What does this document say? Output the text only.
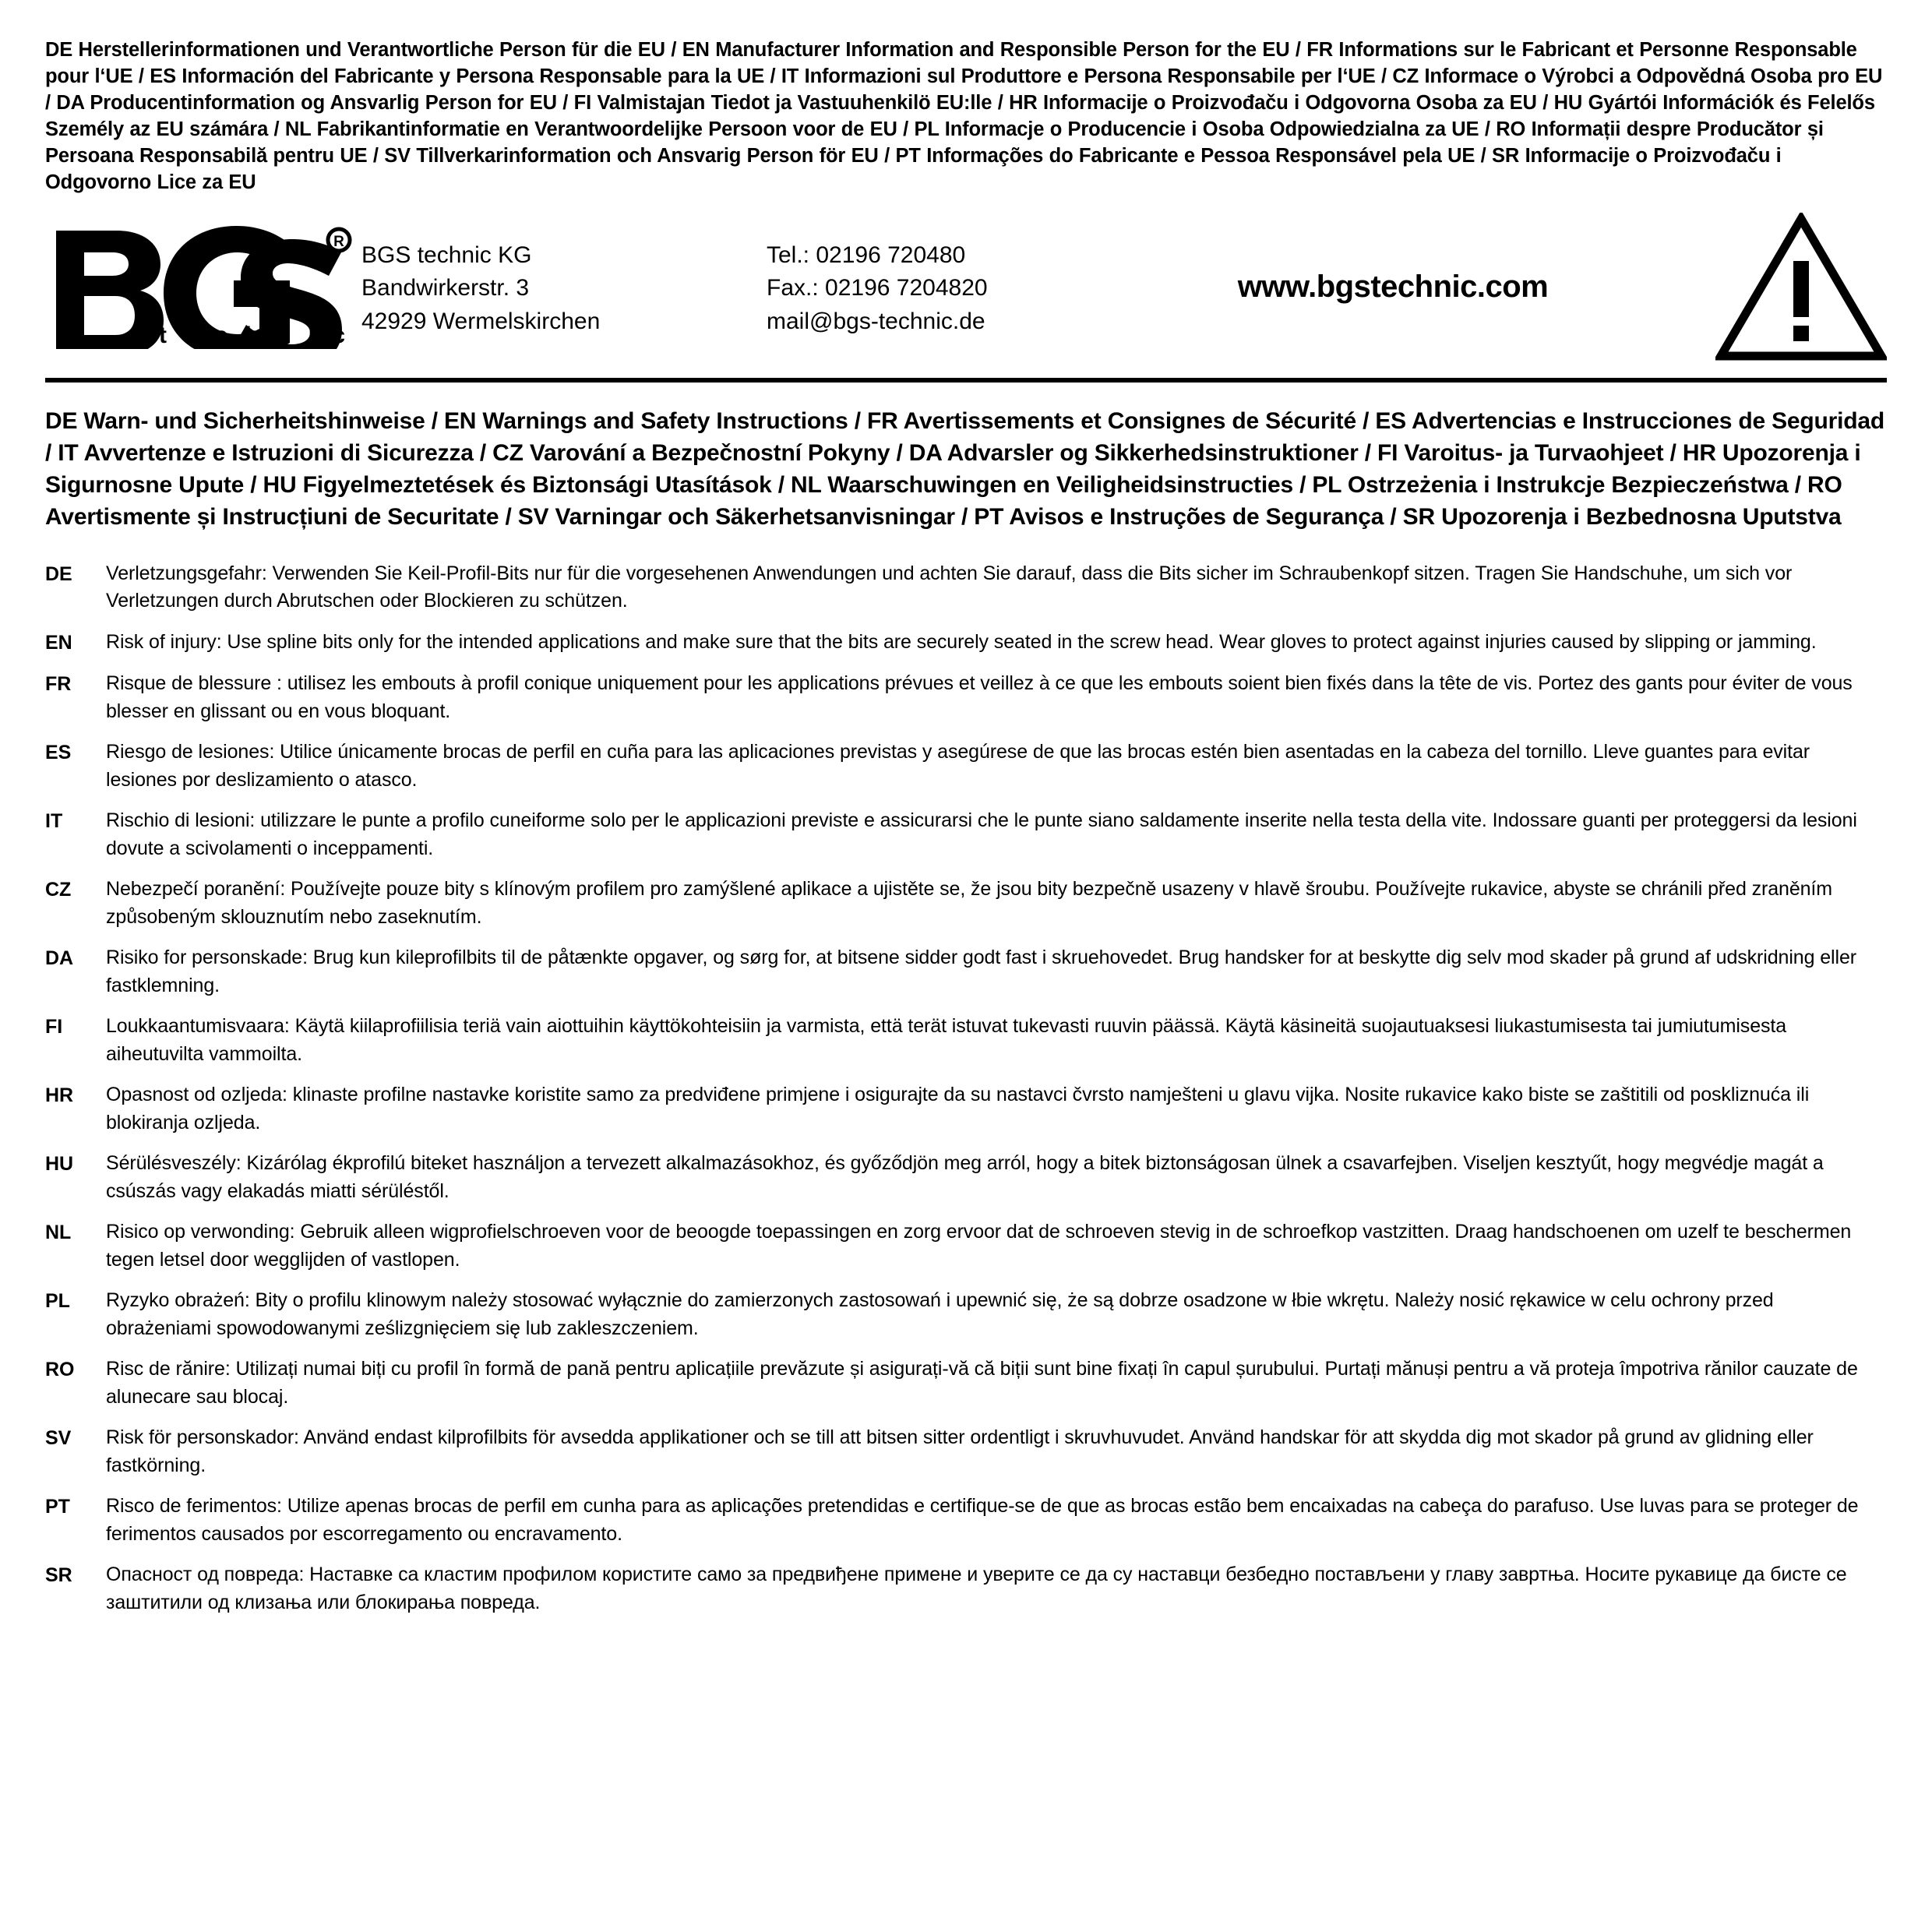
DE Herstellerinformationen und Verantwortliche Person für die EU / EN Manufacturer Information and Responsible Person for the EU / FR Informations sur le Fabricant et Personne Responsable pour l‘UE / ES Información del Fabricante y Persona Responsable para la UE / IT Informazioni sul Produttore e Persona Responsabile per l‘UE / CZ Informace o Výrobci a Odpovědná Osoba pro EU / DA Producentinformation og Ansvarlig Person for EU / FI Valmistajan Tiedot ja Vastuuhenkilö EU:lle / HR Informacije o Proizvođaču i Odgovorna Osoba za EU / HU Gyártói Információk és Felelős Személy az EU számára / NL Fabrikantinformatie en Verantwoordelijke Persoon voor de EU / PL Informacje o Producencie i Osoba Odpowiedzialna za UE / RO Informații despre Producător și Persoana Responsabilă pentru UE / SV Tillverkarinformation och Ansvarig Person för EU / PT Informações do Fabricante e Pessoa Responsável pela UE / SR Informacije o Proizvođaču i Odgovorno Lice za EU
R
t e c h n i c
BGS technic KG
Bandwirkerstr. 3
42929 Wermelskirchen
Tel.: 02196 720480
Fax.: 02196 7204820
mail@bgs-technic.de
www.bgstechnic.com
DE Warn- und Sicherheitshinweise / EN Warnings and Safety Instructions / FR Avertissements et Consignes de Sécurité / ES Advertencias e Instrucciones de Seguridad / IT Avvertenze e Istruzioni di Sicurezza / CZ Varování a Bezpečnostní Pokyny / DA Advarsler og Sikkerhedsinstruktioner / FI Varoitus- ja Turvaohjeet / HR Upozorenja i Sigurnosne Upute / HU Figyelmeztetések és Biztonsági Utasítások / NL Waarschuwingen en Veiligheidsinstructies / PL Ostrzeżenia i Instrukcje Bezpieczeństwa / RO Avertismente și Instrucțiuni de Securitate / SV Varningar och Säkerhetsanvisningar / PT Avisos e Instruções de Segurança / SR Upozorenja i Bezbednosna Uputstva
DE	Verletzungsgefahr: Verwenden Sie Keil-Profil-Bits nur für die vorgesehenen Anwendungen und achten Sie darauf, dass die Bits sicher im Schraubenkopf sitzen. Tragen Sie Handschuhe, um sich vor Verletzungen durch Abrutschen oder Blockieren zu schützen.
EN	Risk of injury: Use spline bits only for the intended applications and make sure that the bits are securely seated in the screw head. Wear gloves to protect against injuries caused by slipping or jamming.
FR	Risque de blessure : utilisez les embouts à profil conique uniquement pour les applications prévues et veillez à ce que les embouts soient bien fixés dans la tête de vis. Portez des gants pour éviter de vous blesser en glissant ou en vous bloquant.
ES	Riesgo de lesiones: Utilice únicamente brocas de perfil en cuña para las aplicaciones previstas y asegúrese de que las brocas estén bien asentadas en la cabeza del tornillo. Lleve guantes para evitar lesiones por deslizamiento o atasco.
IT	Rischio di lesioni: utilizzare le punte a profilo cuneiforme solo per le applicazioni previste e assicurarsi che le punte siano saldamente inserite nella testa della vite. Indossare guanti per proteggersi da lesioni dovute a scivolamenti o inceppamenti.
CZ	Nebezpečí poranění: Používejte pouze bity s klínovým profilem pro zamýšlené aplikace a ujistěte se, že jsou bity bezpečně usazeny v hlavě šroubu. Používejte rukavice, abyste se chránili před zraněním způsobeným sklouznutím nebo zaseknutím.
DA	Risiko for personskade: Brug kun kileprofilbits til de påtænkte opgaver, og sørg for, at bitsene sidder godt fast i skruehovedet. Brug handsker for at beskytte dig selv mod skader på grund af udskridning eller fastklemning.
FI	Loukkaantumisvaara: Käytä kiilaprofiilisia teriä vain aiottuihin käyttökohteisiin ja varmista, että terät istuvat tukevasti ruuvin päässä. Käytä käsineitä suojautuaksesi liukastumisesta tai jumiutumisesta aiheutuvilta vammoilta.
HR	Opasnost od ozljeda: klinaste profilne nastavke koristite samo za predviđene primjene i osigurajte da su nastavci čvrsto namješteni u glavu vijka. Nosite rukavice kako biste se zaštitili od poskliznuća ili blokiranja ozljeda.
HU	Sérülésveszély: Kizárólag ékprofilú biteket használjon a tervezett alkalmazásokhoz, és győződjön meg arról, hogy a bitek biztonságosan ülnek a csavarfejben. Viseljen kesztyűt, hogy megvédje magát a csúszás vagy elakadás miatti sérüléstől.
NL	Risico op verwonding: Gebruik alleen wigprofielschroeven voor de beoogde toepassingen en zorg ervoor dat de schroeven stevig in de schroefkop vastzitten. Draag handschoenen om uzelf te beschermen tegen letsel door wegglijden of vastlopen.
PL	Ryzyko obrażeń: Bity o profilu klinowym należy stosować wyłącznie do zamierzonych zastosowań i upewnić się, że są dobrze osadzone w łbie wkrętu. Należy nosić rękawice w celu ochrony przed obrażeniami spowodowanymi ześlizgnięciem się lub zakleszczeniem.
RO	Risc de rănire: Utilizați numai biți cu profil în formă de pană pentru aplicațiile prevăzute și asigurați-vă că biții sunt bine fixați în capul șurubului. Purtați mănuși pentru a vă proteja împotriva rănilor cauzate de alunecare sau blocaj.
SV	Risk för personskador: Använd endast kilprofilbits för avsedda applikationer och se till att bitsen sitter ordentligt i skruvhuvudet. Använd handskar för att skydda dig mot skador på grund av glidning eller fastkörning.
PT	Risco de ferimentos: Utilize apenas brocas de perfil em cunha para as aplicações pretendidas e certifique-se de que as brocas estão bem encaixadas na cabeça do parafuso. Use luvas para se proteger de ferimentos causados por escorregamento ou encravamento.
SR	Опасност од повреда: Наставке са кластим профилом користите само за предвиђене примене и уверите се да су наставци безбедно постављени у главу завртња. Носите рукавице да бисте се заштитили од клизања или блокирања повреда.
